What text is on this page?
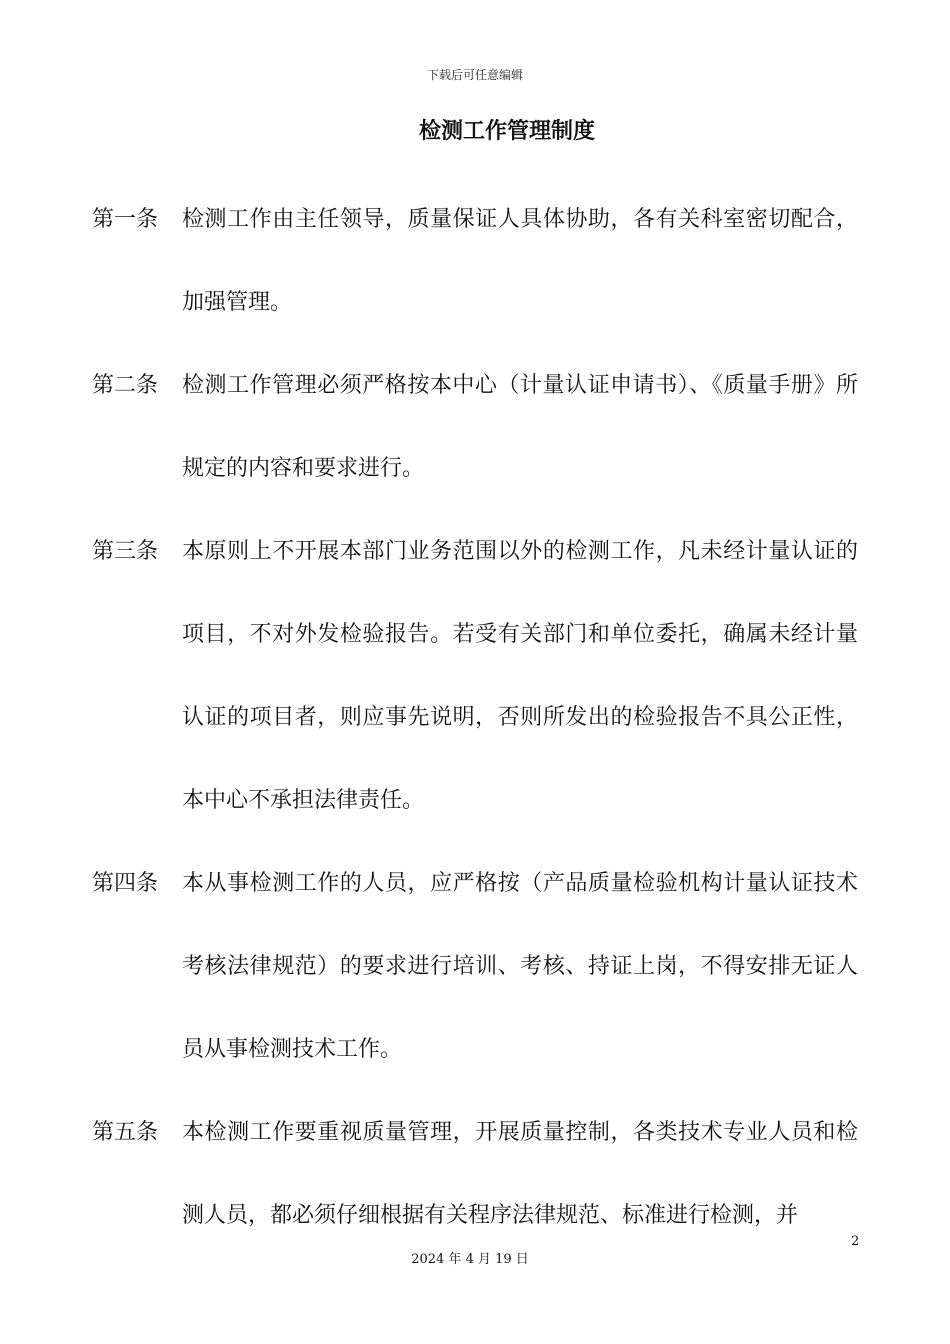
下载后可任意编辑
检测工作管理制度
第一条	检测工作由主任领导，质量保证人具体协助，各有关科室密切配合，加强管理。
第二条	检测工作管理必须严格按本中心（计量认证申请书）、《质量手册》所规定的内容和要求进行。
第三条	本原则上不开展本部门业务范围以外的检测工作，凡未经计量认证的项目，不对外发检验报告。若受有关部门和单位委托，确属未经计量认证的项目者，则应事先说明，否则所发出的检验报告不具公正性，本中心不承担法律责任。
第四条	本从事检测工作的人员，应严格按（产品质量检验机构计量认证技术考核法律规范）的要求进行培训、考核、持证上岗，不得安排无证人员从事检测技术工作。
第五条	本检测工作要重视质量管理，开展质量控制，各类技术专业人员和检测人员，都必须仔细根据有关程序法律规范、标准进行检测，并
2
2024 年 4 月 19 日
